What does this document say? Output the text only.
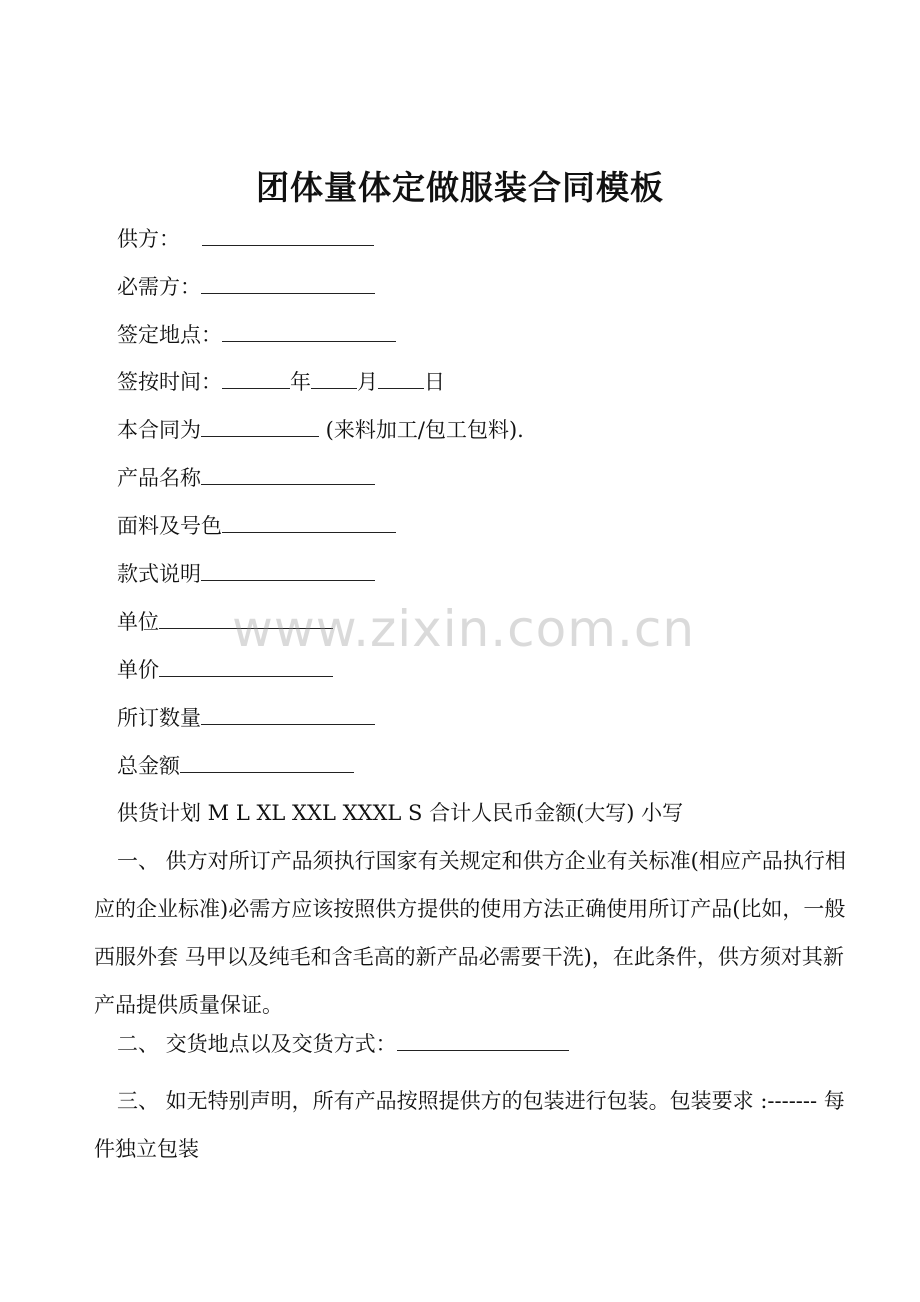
团体量体定做服装合同模板
供方：
必需方：
签定地点：
签按时间：	年 月 日
本合同为	(来料加工/包工包料).
产品名称
面料及号色
款式说明
单位
单价
所订数量
总金额
供货计划 M L XL XXL XXXL S 合计人民币金额(大写) 小写

一、 供方对所订产品须执行国家有关规定和供方企业有关标准(相应产品执行相应的企业标准)必需方应该按照供方提供的使用方法正确使用所订产品(比如，一般西服外套 马甲以及纯毛和含毛高的新产品必需要干洗)，在此条件，供方须对其新产品提供质量保证。

二、 交货地点以及交货方式：

三、 如无特别声明，所有产品按照提供方的包装进行包装。包装要求 :------- 每件独立包装

www.zixin.com.cn
